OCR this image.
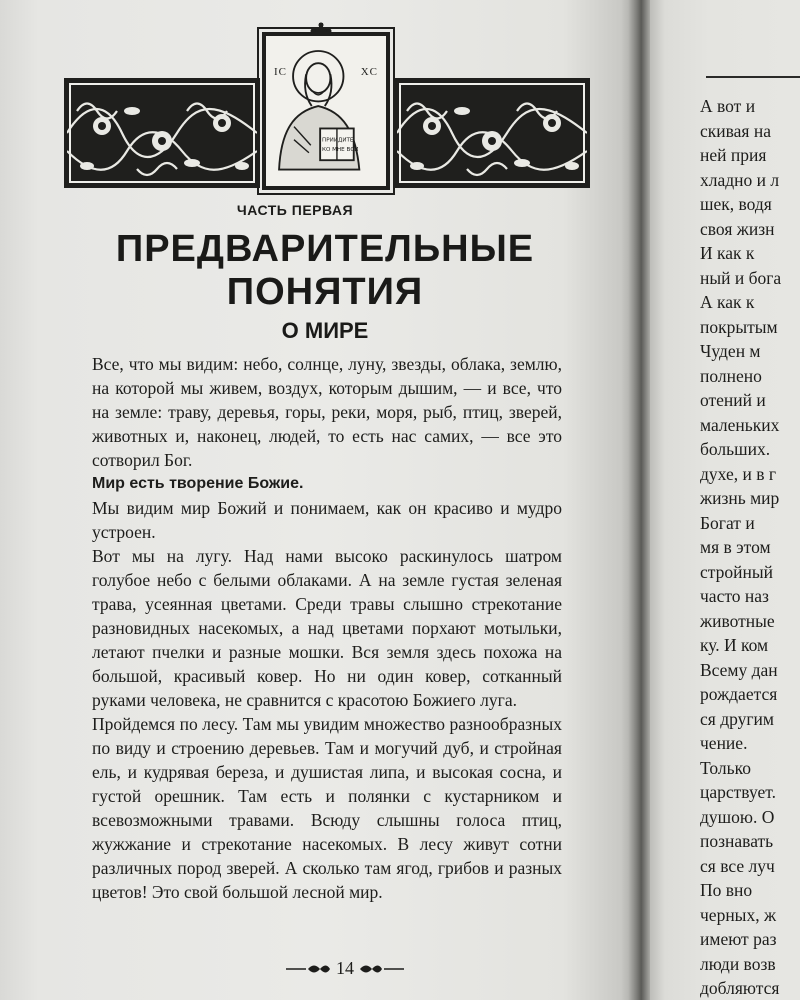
IC	XC
ПРИИДИТЕ
КО МНЕ ВСИ
ЧАСТЬ ПЕРВАЯ
ПРЕДВАРИТЕЛЬНЫЕ
ПОНЯТИЯ
О МИРЕ

Все, что мы видим: небо, солнце, луну, звезды, облака, землю, на которой мы живем, воздух, которым дышим, — и все, что на земле: траву, деревья, горы, реки, моря, рыб, птиц, зверей, животных и, наконец, людей, то есть нас самих, — все это сотворил Бог.

Мир есть творение Божие.

Мы видим мир Божий и понимаем, как он красиво и мудро устроен.

Вот мы на лугу. Над нами высоко раскинулось шатром голубое небо с белыми облаками. А на земле густая зеленая трава, усеянная цветами. Среди травы слышно стрекотание разновидных насекомых, а над цветами порхают мотыльки, летают пчелки и разные мошки. Вся земля здесь похожа на большой, красивый ковер. Но ни один ковер, сотканный руками человека, не сравнится с красотою Божиего луга.

Пройдемся по лесу. Там мы увидим множество разнообразных по виду и строению деревьев. Там и могучий дуб, и стройная ель, и кудрявая береза, и душистая липа, и высокая сосна, и густой орешник. Там есть и полянки с кустарником и всевозможными травами. Всюду слышны голоса птиц, жужжание и стрекотание насекомых. В лесу живут сотни различных пород зверей. А сколько там ягод, грибов и разных цветов! Это свой большой лесной мир.

14
А вот и
скивая на
ней прия
хладно и л
шек, водя
своя жизн
И как к
ный и бога
А как к
покрытым
Чуден м
полнено
отений и
маленьких
больших.
духе, и в г
жизнь мир
Богат и
мя в этом
стройный
часто наз
животные
ку. И ком
Всему дан
рождается
ся другим
чение.
Только
царствует.
душою. О
познавать
ся все луч
По вно
черных, ж
имеют раз
люди возв
добляются
